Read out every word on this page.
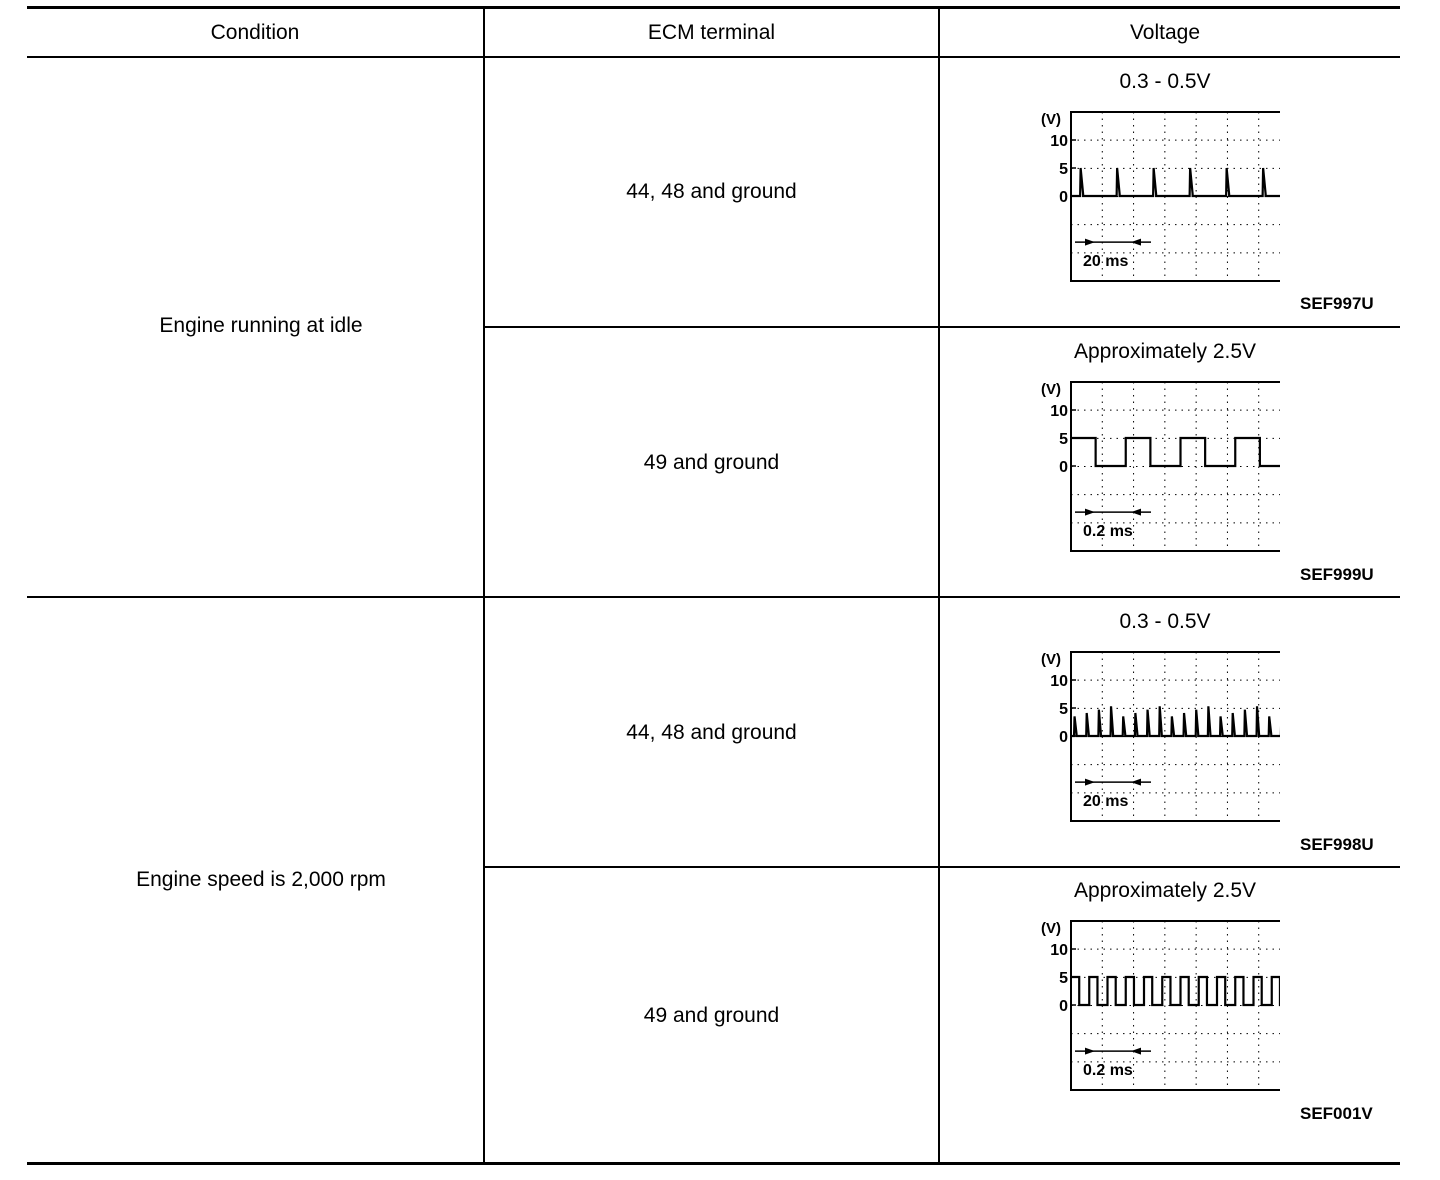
Condition	ECM terminal	Voltage
Engine running at idle
Engine speed is 2,000 rpm
44, 48 and ground
49 and ground
44, 48 and ground
49 and ground
0.3 - 0.5V
Approximately 2.5V
0.3 - 0.5V
Approximately 2.5V
(V)
10
5
0
20 ms
(V)
10
5
0
0.2 ms
(V)
10
5
0
20 ms
(V)
10
5
0
0.2 ms
SEF997U
SEF999U
SEF998U
SEF001V
